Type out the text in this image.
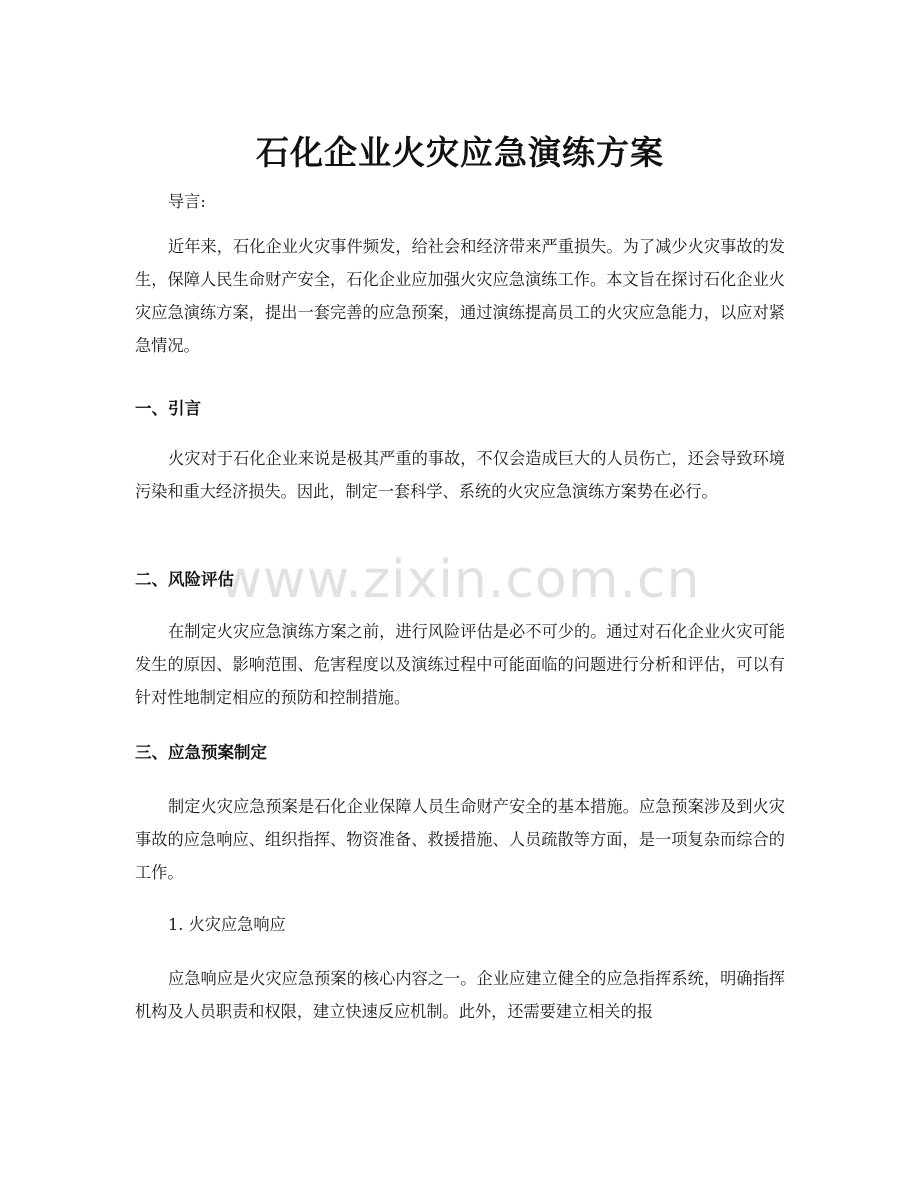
石化企业火灾应急演练方案
www.zixin.com.cn

导言:

近年来，石化企业火灾事件频发，给社会和经济带来严重损失。为了减少火灾事故的发生，保障人民生命财产安全，石化企业应加强火灾应急演练工作。本文旨在探讨石化企业火灾应急演练方案，提出一套完善的应急预案，通过演练提高员工的火灾应急能力，以应对紧急情况。

一、引言

火灾对于石化企业来说是极其严重的事故，不仅会造成巨大的人员伤亡，还会导致环境污染和重大经济损失。因此，制定一套科学、系统的火灾应急演练方案势在必行。

二、风险评估

在制定火灾应急演练方案之前，进行风险评估是必不可少的。通过对石化企业火灾可能发生的原因、影响范围、危害程度以及演练过程中可能面临的问题进行分析和评估，可以有针对性地制定相应的预防和控制措施。

三、应急预案制定

制定火灾应急预案是石化企业保障人员生命财产安全的基本措施。应急预案涉及到火灾事故的应急响应、组织指挥、物资准备、救援措施、人员疏散等方面，是一项复杂而综合的工作。

1. 火灾应急响应

应急响应是火灾应急预案的核心内容之一。企业应建立健全的应急指挥系统，明确指挥机构及人员职责和权限，建立快速反应机制。此外，还需要建立相关的报
